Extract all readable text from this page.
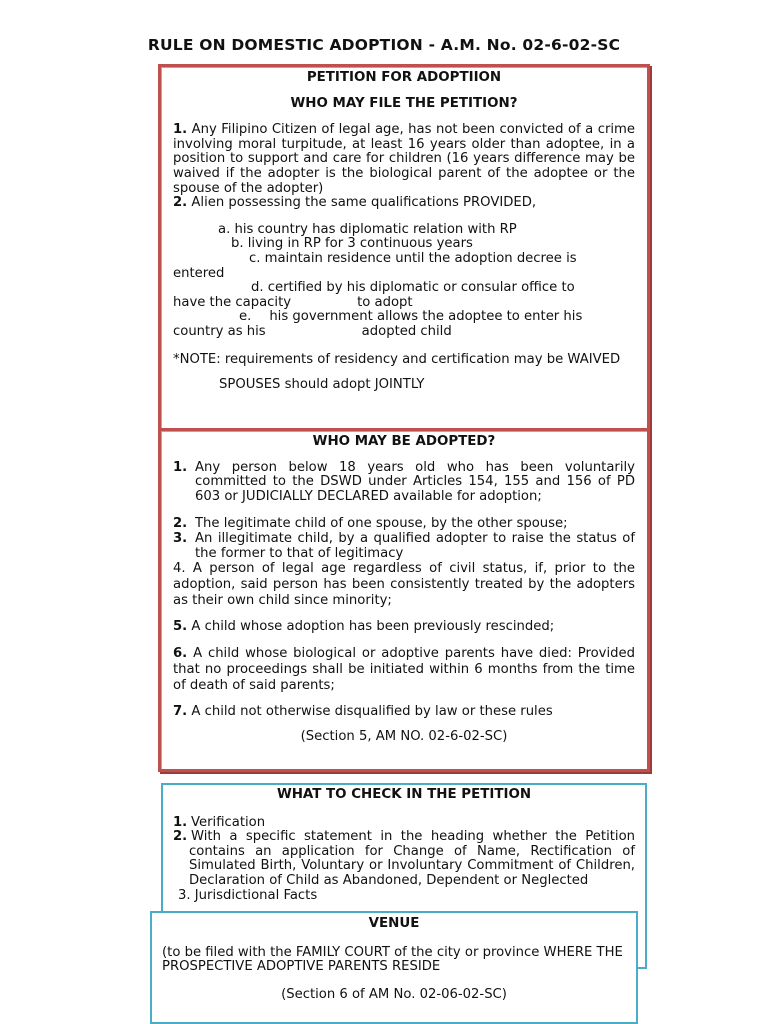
RULE ON DOMESTIC ADOPTION - A.M. No. 02-6-02-SC
PETITION FOR ADOPTIION
WHO MAY FILE THE PETITION?
1. Any Filipino Citizen of legal age, has not been convicted of a crime involving moral turpitude, at least 16 years older than adoptee, in a position to support and care for children (16 years difference may be waived if the adopter is the biological parent of the adoptee or the spouse of the adopter)
2. Alien possessing the same qualifications PROVIDED,
a. his country has diplomatic relation with RP
b. living in RP for 3 continuous years
c. maintain residence until the adoption decree is
entered
d. certified by his diplomatic or consular office to
have the capacity	to adopt
e. his government allows the adoptee to enter his
country as his	adopted child
*NOTE: requirements of residency and certification may be WAIVED
SPOUSES should adopt JOINTLY
WHO MAY BE ADOPTED?
1. Any person below 18 years old who has been voluntarily committed to the DSWD under Articles 154, 155 and 156 of PD 603 or JUDICIALLY DECLARED available for adoption;
2. The legitimate child of one spouse, by the other spouse;
3. An illegitimate child, by a qualified adopter to raise the status of the former to that of legitimacy
4. A person of legal age regardless of civil status, if, prior to the adoption, said person has been consistently treated by the adopters as their own child since minority;
5. A child whose adoption has been previously rescinded;
6. A child whose biological or adoptive parents have died: Provided that no proceedings shall be initiated within 6 months from the time of death of said parents;
7. A child not otherwise disqualified by law or these rules
(Section 5, AM NO. 02-6-02-SC)
WHAT TO CHECK IN THE PETITION
1. Verification
2. With a specific statement in the heading whether the Petition contains an application for Change of Name, Rectification of Simulated Birth, Voluntary or Involuntary Commitment of Children, Declaration of Child as Abandoned, Dependent or Neglected
3. Jurisdictional Facts
VENUE
(to be filed with the FAMILY COURT of the city or province WHERE THE PROSPECTIVE ADOPTIVE PARENTS RESIDE
(Section 6 of AM No. 02-06-02-SC)
